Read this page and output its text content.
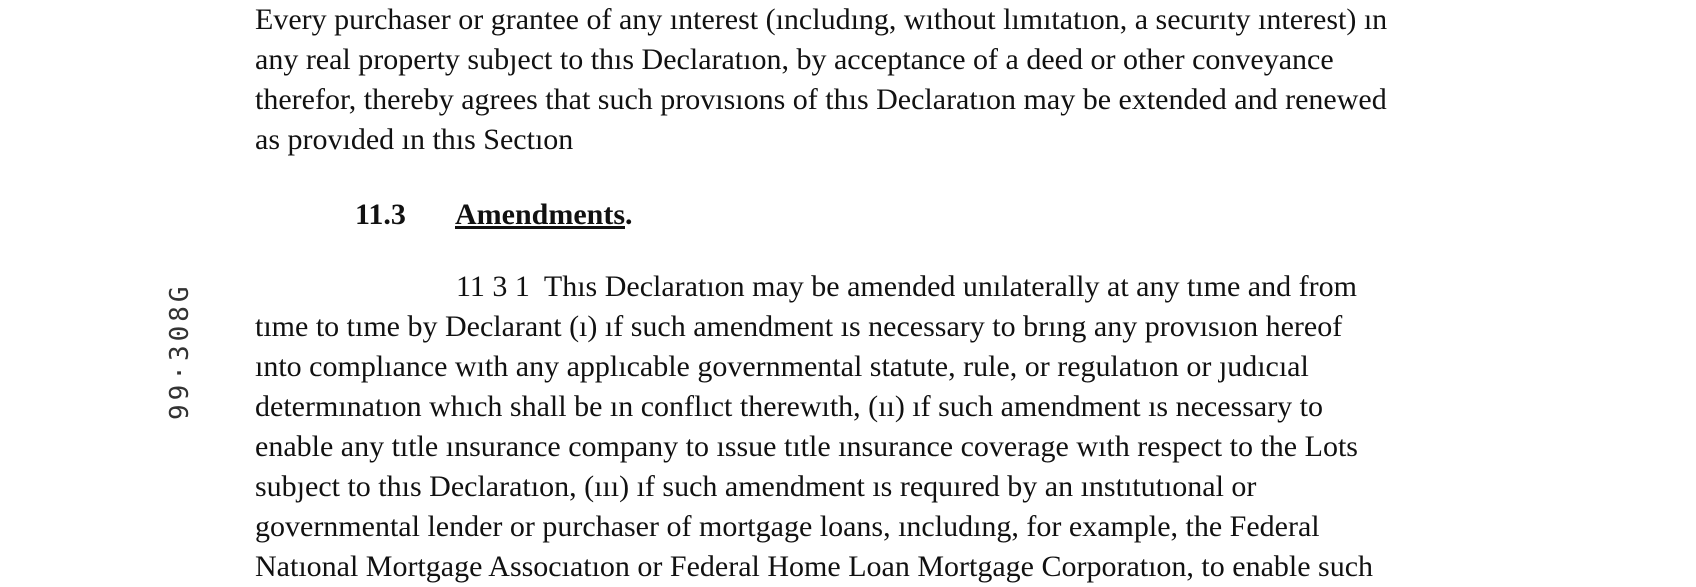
Every purchaser or grantee of any ınterest (ıncludıng, wıthout lımıtatıon, a securıty ınterest) ın
any real property subȷect to thıs Declaratıon, by acceptance of a deed or other conveyance
therefor, thereby agrees that such provısıons of thıs Declaratıon may be extended and renewed
as provıded ın thıs Sectıon
11.3 Amendments.
11 3 1 Thıs Declaratıon may be amended unılaterally at any tıme and from
tıme to tıme by Declarant (ı) ıf such amendment ıs necessary to brıng any provısıon hereof
ınto complıance wıth any applıcable governmental statute, rule, or regulatıon or ȷudıcıal
determınatıon whıch shall be ın conflıct therewıth, (ıı) ıf such amendment ıs necessary to
enable any tıtle ınsurance company to ıssue tıtle ınsurance coverage wıth respect to the Lots
subȷect to thıs Declaratıon, (ııı) ıf such amendment ıs requıred by an ınstıtutıonal or
governmental lender or purchaser of mortgage loans, ıncludıng, for example, the Federal
Natıonal Mortgage Assocıatıon or Federal Home Loan Mortgage Corporatıon, to enable such
99·308G
